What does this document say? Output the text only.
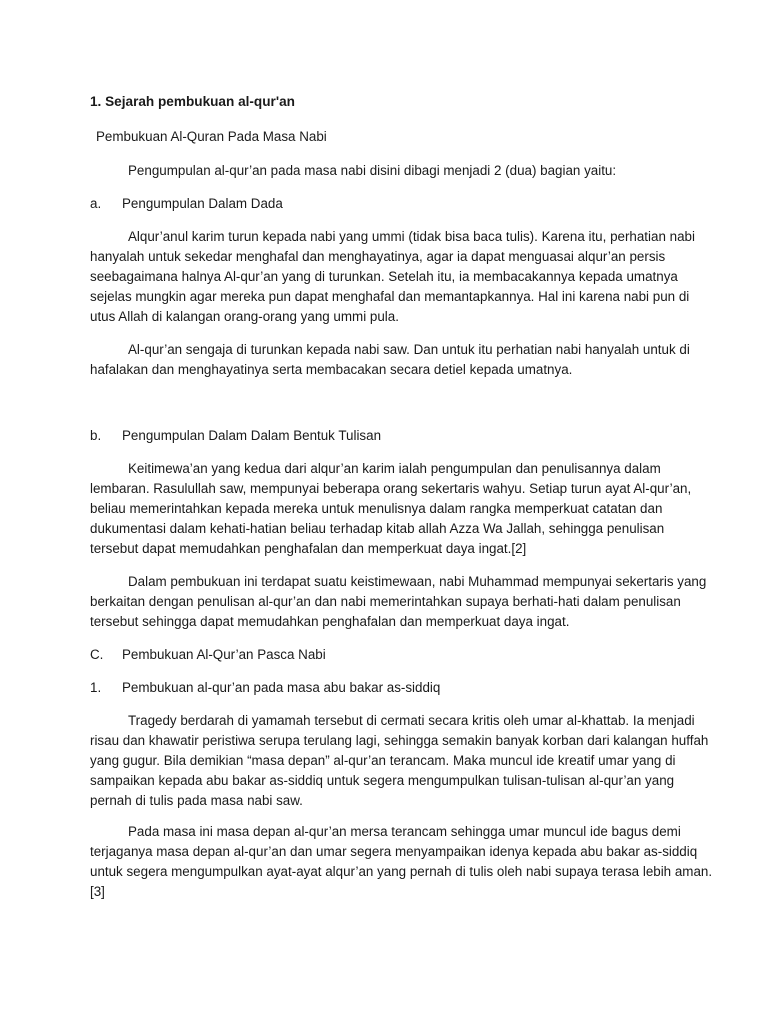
1. Sejarah pembukuan al-qur'an

Pembukuan Al-Quran Pada Masa Nabi

Pengumpulan al-qur’an pada masa nabi disini dibagi menjadi 2 (dua) bagian yaitu:

a. Pengumpulan Dalam Dada

Alqur’anul karim turun kepada nabi yang ummi (tidak bisa baca tulis). Karena itu, perhatian nabi

hanyalah untuk sekedar menghafal dan menghayatinya, agar ia dapat menguasai alqur’an persis

seebagaimana halnya Al-qur’an yang di turunkan. Setelah itu, ia membacakannya kepada umatnya

sejelas mungkin agar mereka pun dapat menghafal dan memantapkannya. Hal ini karena nabi pun di

utus Allah di kalangan orang-orang yang ummi pula.

Al-qur’an sengaja di turunkan kepada nabi saw. Dan untuk itu perhatian nabi hanyalah untuk di

hafalakan dan menghayatinya serta membacakan secara detiel kepada umatnya.

b. Pengumpulan Dalam Dalam Bentuk Tulisan

Keitimewa’an yang kedua dari alqur’an karim ialah pengumpulan dan penulisannya dalam

lembaran. Rasulullah saw, mempunyai beberapa orang sekertaris wahyu. Setiap turun ayat Al-qur’an,

beliau memerintahkan kepada mereka untuk menulisnya dalam rangka memperkuat catatan dan

dukumentasi dalam kehati-hatian beliau terhadap kitab allah Azza Wa Jallah, sehingga penulisan

tersebut dapat memudahkan penghafalan dan memperkuat daya ingat.[2]

Dalam pembukuan ini terdapat suatu keistimewaan, nabi Muhammad mempunyai sekertaris yang

berkaitan dengan penulisan al-qur’an dan nabi memerintahkan supaya berhati-hati dalam penulisan

tersebut sehingga dapat memudahkan penghafalan dan memperkuat daya ingat.

C. Pembukuan Al-Qur’an Pasca Nabi

1. Pembukuan al-qur’an pada masa abu bakar as-siddiq

Tragedy berdarah di yamamah tersebut di cermati secara kritis oleh umar al-khattab. Ia menjadi

risau dan khawatir peristiwa serupa terulang lagi, sehingga semakin banyak korban dari kalangan huffah

yang gugur. Bila demikian “masa depan” al-qur’an terancam. Maka muncul ide kreatif umar yang di

sampaikan kepada abu bakar as-siddiq untuk segera mengumpulkan tulisan-tulisan al-qur’an yang

pernah di tulis pada masa nabi saw.

Pada masa ini masa depan al-qur’an mersa terancam sehingga umar muncul ide bagus demi

terjaganya masa depan al-qur’an dan umar segera menyampaikan idenya kepada abu bakar as-siddiq

untuk segera mengumpulkan ayat-ayat alqur’an yang pernah di tulis oleh nabi supaya terasa lebih aman.

[3]
